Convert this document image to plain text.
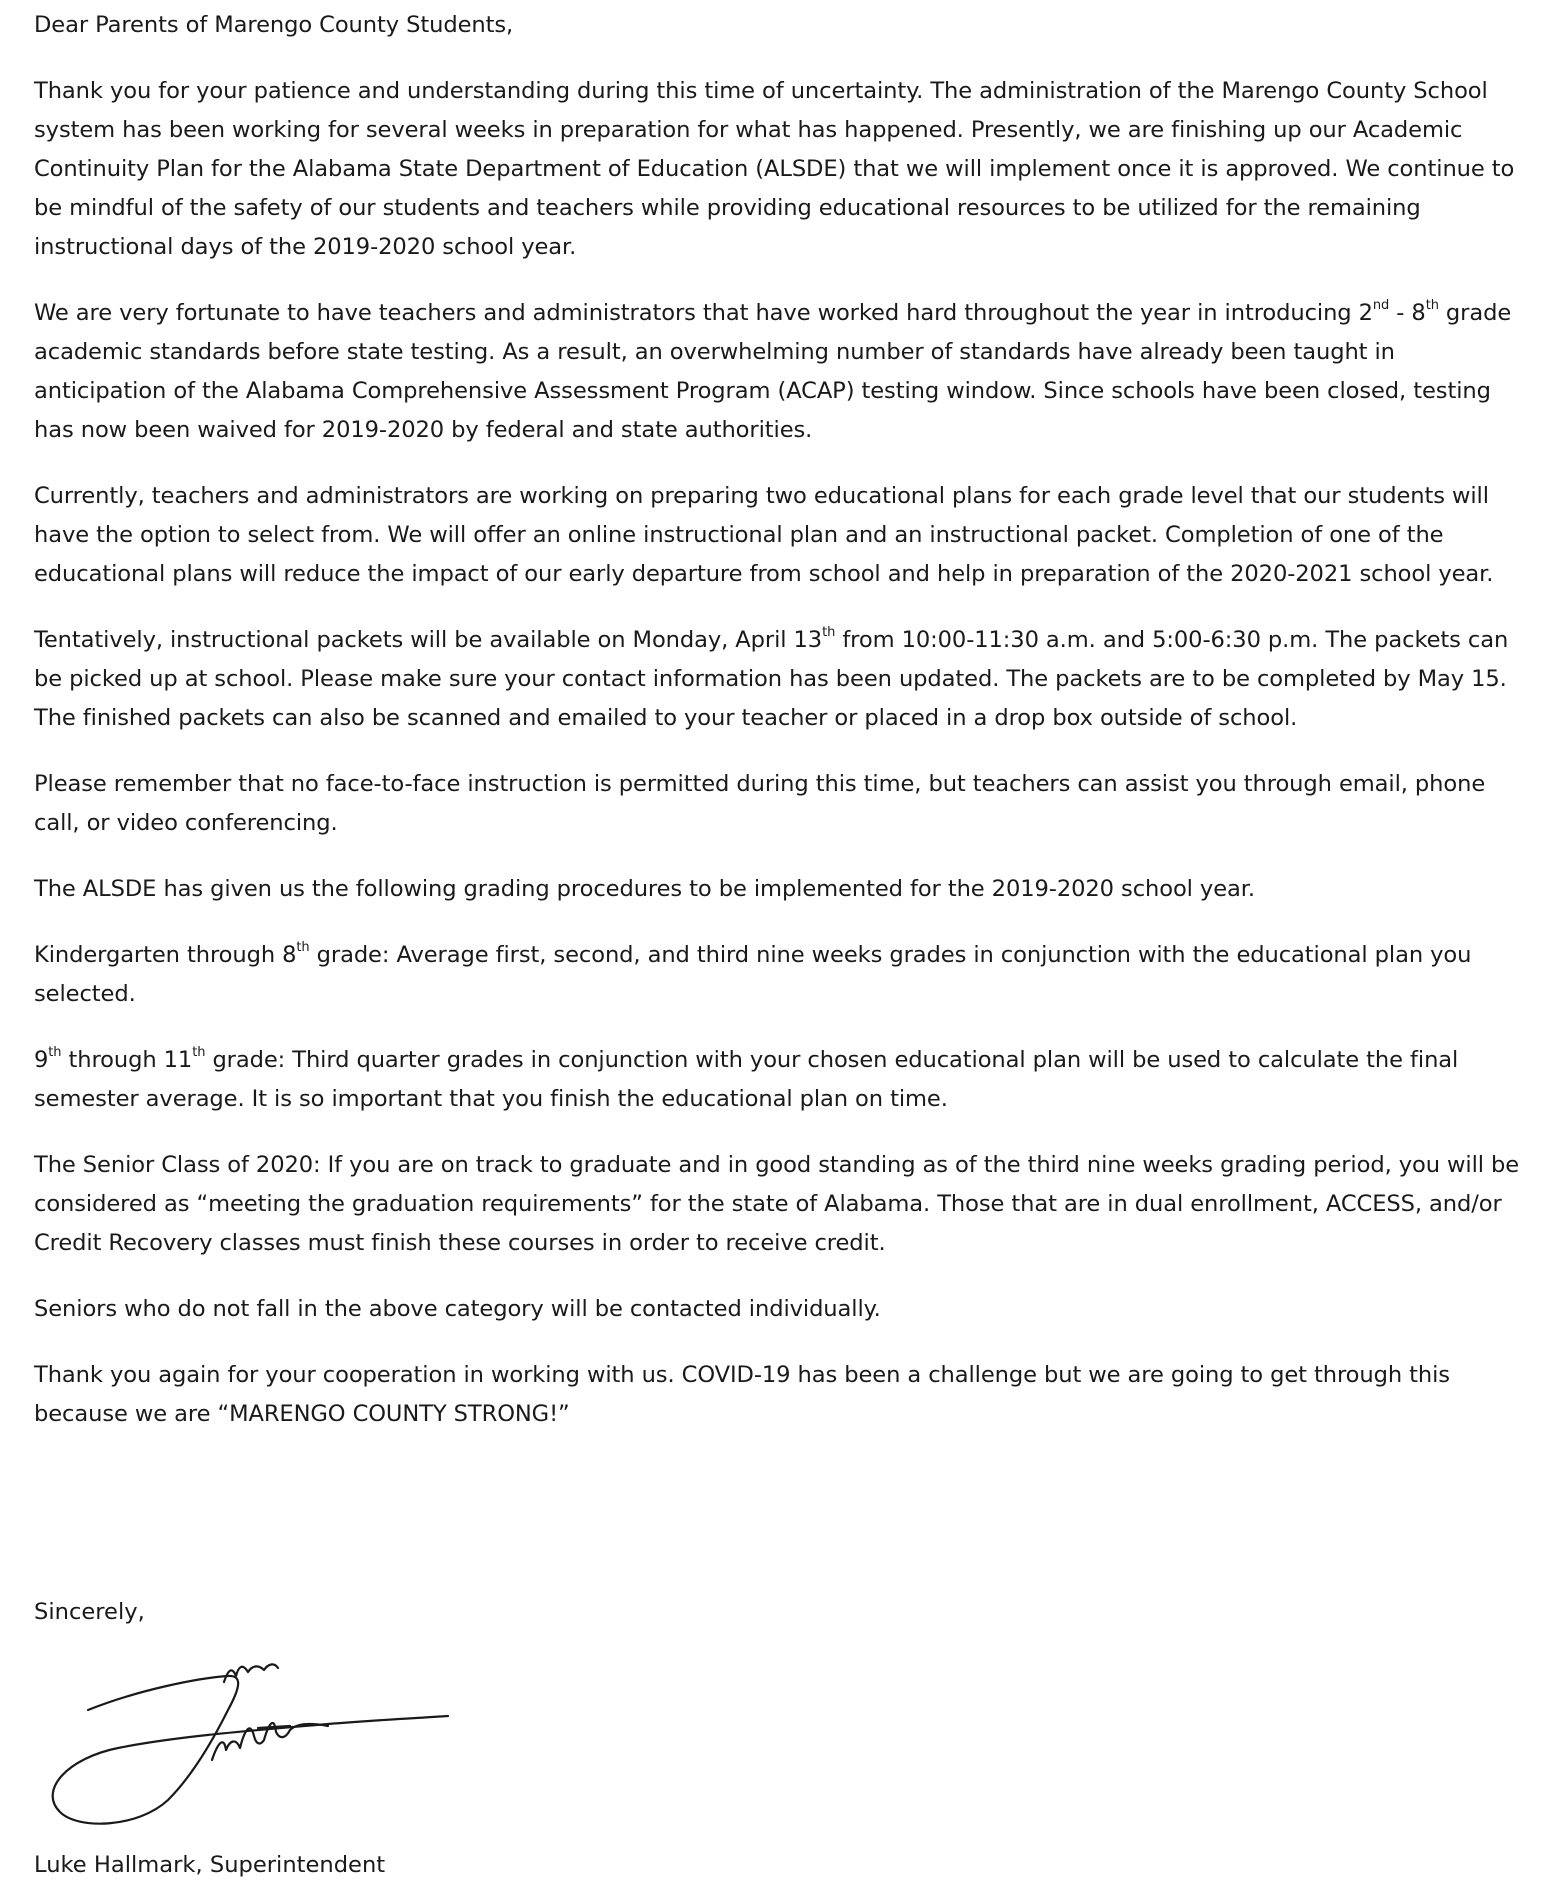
Dear Parents of Marengo County Students,

Thank you for your patience and understanding during this time of uncertainty. The administration of the Marengo County School system has been working for several weeks in preparation for what has happened. Presently, we are finishing up our Academic Continuity Plan for the Alabama State Department of Education (ALSDE) that we will implement once it is approved. We continue to be mindful of the safety of our students and teachers while providing educational resources to be utilized for the remaining instructional days of the 2019-2020 school year.

We are very fortunate to have teachers and administrators that have worked hard throughout the year in introducing 2nd - 8th grade academic standards before state testing. As a result, an overwhelming number of standards have already been taught in anticipation of the Alabama Comprehensive Assessment Program (ACAP) testing window. Since schools have been closed, testing has now been waived for 2019-2020 by federal and state authorities.

Currently, teachers and administrators are working on preparing two educational plans for each grade level that our students will have the option to select from. We will offer an online instructional plan and an instructional packet. Completion of one of the educational plans will reduce the impact of our early departure from school and help in preparation of the 2020-2021 school year.

Tentatively, instructional packets will be available on Monday, April 13th from 10:00-11:30 a.m. and 5:00-6:30 p.m. The packets can be picked up at school. Please make sure your contact information has been updated. The packets are to be completed by May 15. The finished packets can also be scanned and emailed to your teacher or placed in a drop box outside of school.

Please remember that no face-to-face instruction is permitted during this time, but teachers can assist you through email, phone call, or video conferencing.

The ALSDE has given us the following grading procedures to be implemented for the 2019-2020 school year.

Kindergarten through 8th grade: Average first, second, and third nine weeks grades in conjunction with the educational plan you selected.

9th through 11th grade: Third quarter grades in conjunction with your chosen educational plan will be used to calculate the final semester average. It is so important that you finish the educational plan on time.

The Senior Class of 2020: If you are on track to graduate and in good standing as of the third nine weeks grading period, you will be considered as “meeting the graduation requirements” for the state of Alabama. Those that are in dual enrollment, ACCESS, and/or Credit Recovery classes must finish these courses in order to receive credit.

Seniors who do not fall in the above category will be contacted individually.

Thank you again for your cooperation in working with us. COVID-19 has been a challenge but we are going to get through this because we are “MARENGO COUNTY STRONG!”

Sincerely,
Luke Hallmark, Superintendent
